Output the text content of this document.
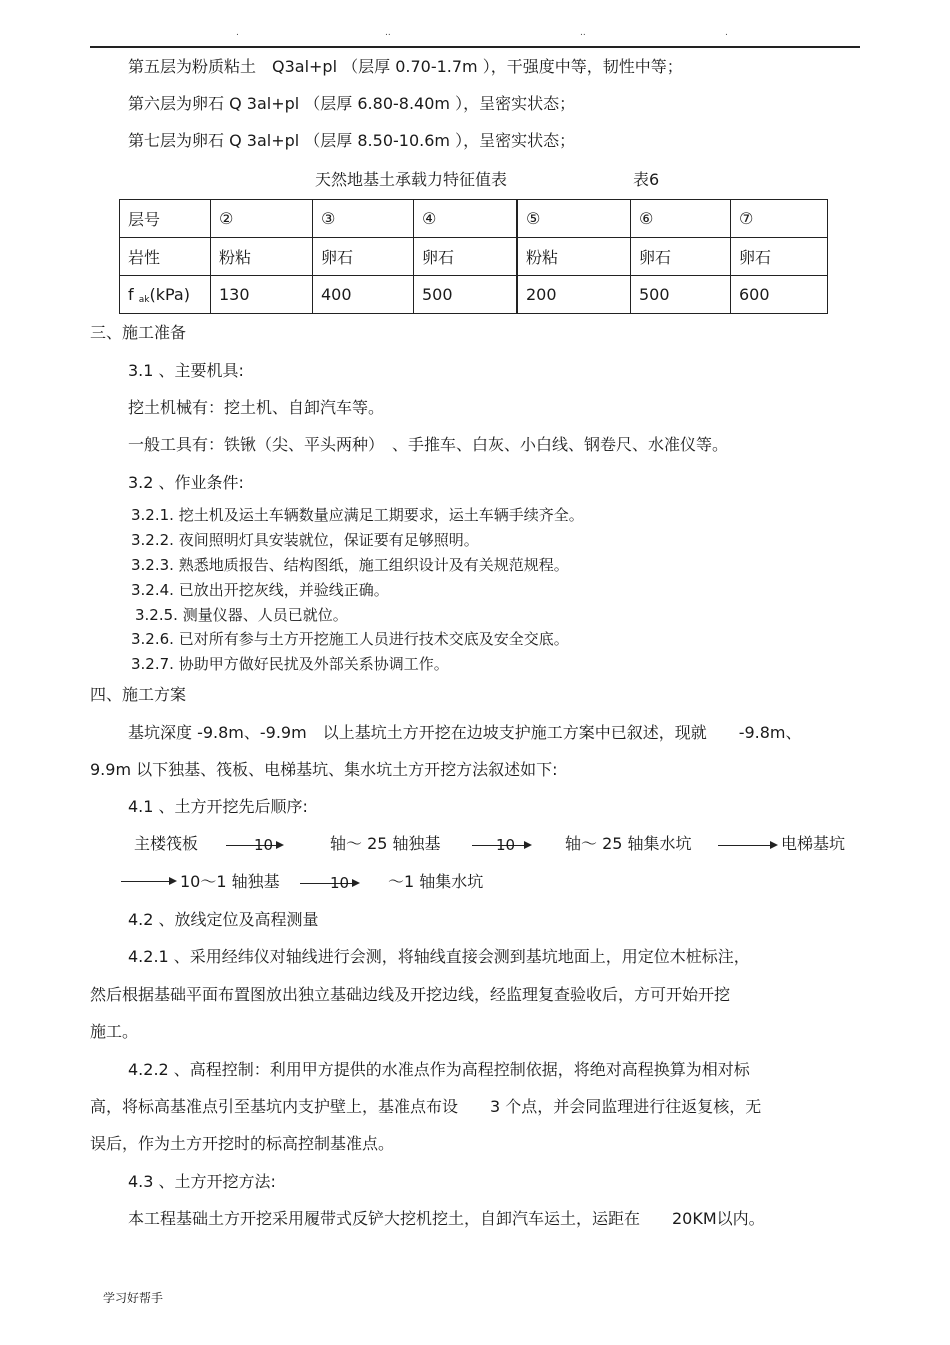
.	..	..	.
第五层为粉质粘土　Q3al+pl （层厚 0.70-1.7m ），干强度中等，韧性中等；
第六层为卵石 Q 3al+pl （层厚 6.80-8.40m ），呈密实状态；
第七层为卵石 Q 3al+pl （层厚 8.50-10.6m ），呈密实状态；
天然地基土承载力特征值表	表6
层号	②	③	④	⑤	⑥	⑦
岩性	粉粘	卵石	卵石	粉粘	卵石	卵石
f $_{ak}$(kPa)	130	400	500	200	500	600
三、施工准备
3.1 、主要机具:
挖土机械有：挖土机、自卸汽车等。
一般工具有：铁锹（尖、平头两种）　、手推车、白灰、小白线、钢卷尺、水准仪等。
3.2 、作业条件:
3.2.1. 挖土机及运土车辆数量应满足工期要求，运土车辆手续齐全。
3.2.2. 夜间照明灯具安装就位，保证要有足够照明。
3.2.3. 熟悉地质报告、结构图纸，施工组织设计及有关规范规程。
3.2.4. 已放出开挖灰线，并验线正确。
3.2.5. 测量仪器、人员已就位。
3.2.6. 已对所有参与土方开挖施工人员进行技术交底及安全交底。
3.2.7. 协助甲方做好民扰及外部关系协调工作。
四、施工方案
基坑深度 -9.8m、-9.9m　以上基坑土方开挖在边坡支护施工方案中已叙述，现就　　-9.8m、
9.9m 以下独基、筏板、电梯基坑、集水坑土方开挖方法叙述如下:
4.1 、土方开挖先后顺序:
主楼筏板	10	轴～ 25 轴独基	10	轴～ 25 轴集水坑	电梯基坑
10～1 轴独基	10 ～1 轴集水坑
4.2 、放线定位及高程测量
4.2.1 、采用经纬仪对轴线进行会测，将轴线直接会测到基坑地面上，用定位木桩标注，
然后根据基础平面布置图放出独立基础边线及开挖边线，经监理复查验收后，方可开始开挖
施工。
4.2.2 、高程控制：利用甲方提供的水准点作为高程控制依据，将绝对高程换算为相对标
高，将标高基准点引至基坑内支护壁上，基准点布设　　3 个点，并会同监理进行往返复核，无
误后，作为土方开挖时的标高控制基准点。
4.3 、土方开挖方法:
本工程基础土方开挖采用履带式反铲大挖机挖土，自卸汽车运土，运距在　　20KM以内。
学习好帮手
